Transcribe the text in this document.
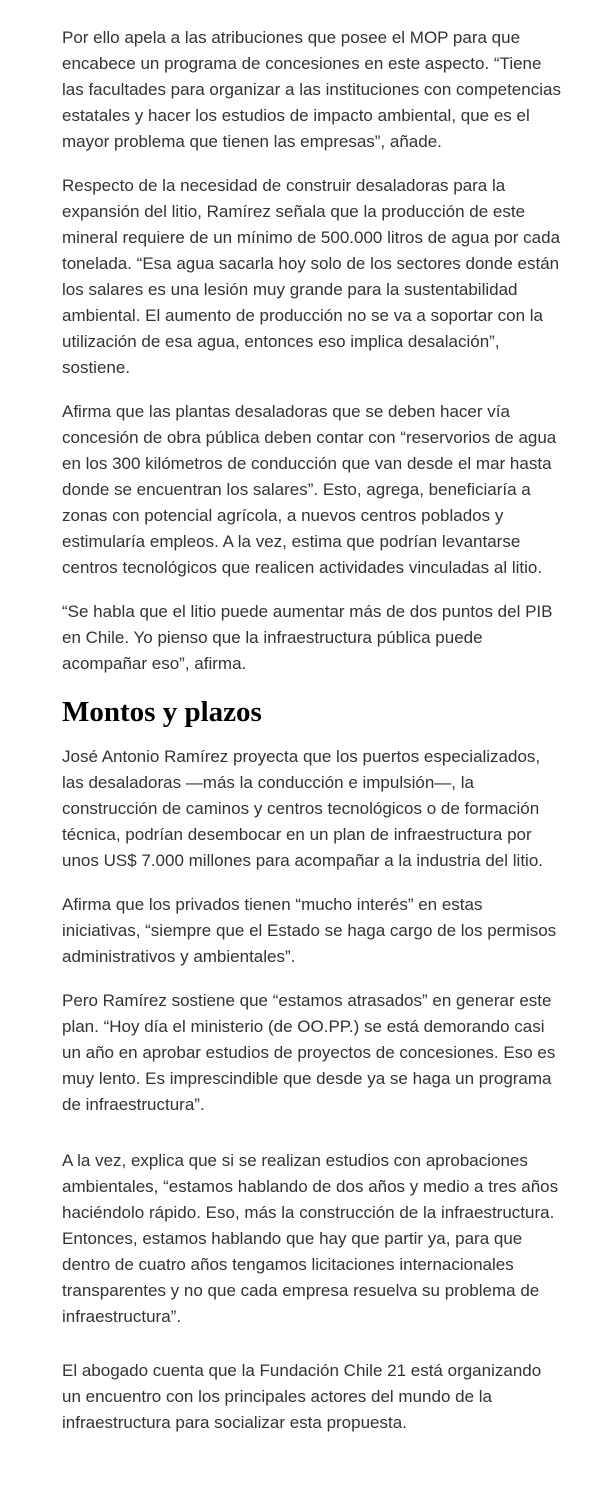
Por ello apela a las atribuciones que posee el MOP para que encabece un programa de concesiones en este aspecto. “Tiene las facultades para organizar a las instituciones con competencias estatales y hacer los estudios de impacto ambiental, que es el mayor problema que tienen las empresas”, añade.

Respecto de la necesidad de construir desaladoras para la expansión del litio, Ramírez señala que la producción de este mineral requiere de un mínimo de 500.000 litros de agua por cada tonelada. “Esa agua sacarla hoy solo de los sectores donde están los salares es una lesión muy grande para la sustentabilidad ambiental. El aumento de producción no se va a soportar con la utilización de esa agua, entonces eso implica desalación”, sostiene.

Afirma que las plantas desaladoras que se deben hacer vía concesión de obra pública deben contar con “reservorios de agua en los 300 kilómetros de conducción que van desde el mar hasta donde se encuentran los salares”. Esto, agrega, beneficiaría a zonas con potencial agrícola, a nuevos centros poblados y estimularía empleos. A la vez, estima que podrían levantarse centros tecnológicos que realicen actividades vinculadas al litio.

“Se habla que el litio puede aumentar más de dos puntos del PIB en Chile. Yo pienso que la infraestructura pública puede acompañar eso”, afirma.

Montos y plazos

José Antonio Ramírez proyecta que los puertos especializados, las desaladoras —más la conducción e impulsión—, la construcción de caminos y centros tecnológicos o de formación técnica, podrían desembocar en un plan de infraestructura por unos US$ 7.000 millones para acompañar a la industria del litio.

Afirma que los privados tienen “mucho interés” en estas iniciativas, “siempre que el Estado se haga cargo de los permisos administrativos y ambientales”.

Pero Ramírez sostiene que “estamos atrasados” en generar este plan. “Hoy día el ministerio (de OO.PP.) se está demorando casi un año en aprobar estudios de proyectos de concesiones. Eso es muy lento. Es imprescindible que desde ya se haga un programa de infraestructura”.

A la vez, explica que si se realizan estudios con aprobaciones ambientales, “estamos hablando de dos años y medio a tres años haciéndolo rápido. Eso, más la construcción de la infraestructura. Entonces, estamos hablando que hay que partir ya, para que dentro de cuatro años tengamos licitaciones internacionales transparentes y no que cada empresa resuelva su problema de infraestructura”.

El abogado cuenta que la Fundación Chile 21 está organizando un encuentro con los principales actores del mundo de la infraestructura para socializar esta propuesta.
